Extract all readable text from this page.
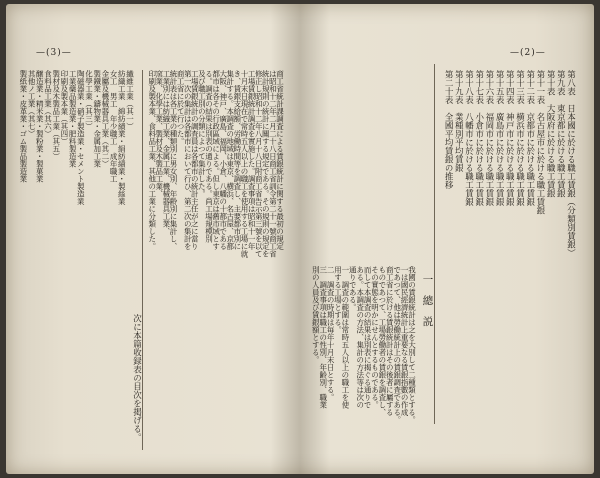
—(3)—
商工省統計課調査による賃銀統計に関する最初の規定
は昭和十二年二月二十八日商工省訓令第二十一號商工省
統計規則の統計に關する規定である。その規則の規定を
修正し昭和十二年八月十八日附商工省告示第三號を以て
工場賃銀統計調査を實施した。調査事項は昭和十一年
十月末日現在で常時五人以上の職工を使用する工場に就
き、賃銀支給額、労働時間等を調査し、主要都市別に
集計する。本調査の地域は東京、横浜、名古屋、京都
大阪、神戸、廣島、福岡、小倉、八幡の十都市である
都市は各その行政區域による。但し東京は舊市域とす
る。調査の結果は別表の通りである。尚工場規模別
及び職工別の分類によつて集計した。
工場賃銀統計の調査員は各都市の統計主任が之に當り
第一次の集計は各都市において行ひ、第二次の集計を
商工省に於て行つた。
統計表は各工業の種類別に男女別、年齢別に集計し、
工業別には紡織工業、金属工業、機械器具工業、
窯業、化學工業、製材及木製品工業、
印刷及製本業、食料品工業、其他の工業に分類した。
次に本篇收録表の目次を掲げる。
纎維工業（其一）
紡織工業　綿紡績業・絹紡績業・製絲業
女工　男工　年少職工　成年職工
金屬及機械器具工業（其二）
製鐵業・鑄物業・金属加工業
化學工業（其三）
陶磁器業・硝子製造業・セメント製造業
工業藥品製造業・肥料製造業
印刷及製本業（其四）
製材及木製品工業（其五）
食料品工業（其六）
醸造業・精米業・製粉業・製菓業
其他ノ工業（其七）
製紙業・皮革業・ゴム製品製造業
—(2)—
第八表　日本國に於ける職工賃銀（分類別賃銀）
第九表　東京都に於ける職工賃銀
第十表　大阪府に於ける職工賃銀
第十一表　名古屋市に於ける職工賃銀
第十二表　京都市に於ける職工賃銀
第十三表　横浜市に於ける職工賃銀
第十四表　神戸市に於ける職工賃銀
第十五表　廣島市に於ける職工賃銀
第十六表　福岡市に於ける職工賃銀
第十七表　小倉市に於ける職工賃銀
第十八表　八幡市に於ける職工賃銀
第十九表　業種別平均賃銀
第二十表　全國平均賃銀の推移
一　總　説
我國の賃銀統計は之を大別して二種類とする。
一は國民經濟統計上重要なる賃銀指數の作成
であつて、他は勞働統計上の賃銀調査である。
商工省に於ける賃銀統計はその後者に屬する
ものであつて、工場勞働者の賃銀を調査し、
その實態を明かにせんとするものである。
而して本調査の結果は別表に揭ぐる通りで
ある。本調査の方法、集計の方法等は次の
通りである。
一　調査の範圍は常時五人以上の職工を使
用する工場とする。
二　調査の時期は毎年十月末日とする。
三　調査事項は職工の性別、年齢別、職業
別の人員及び賃銀額とする。
